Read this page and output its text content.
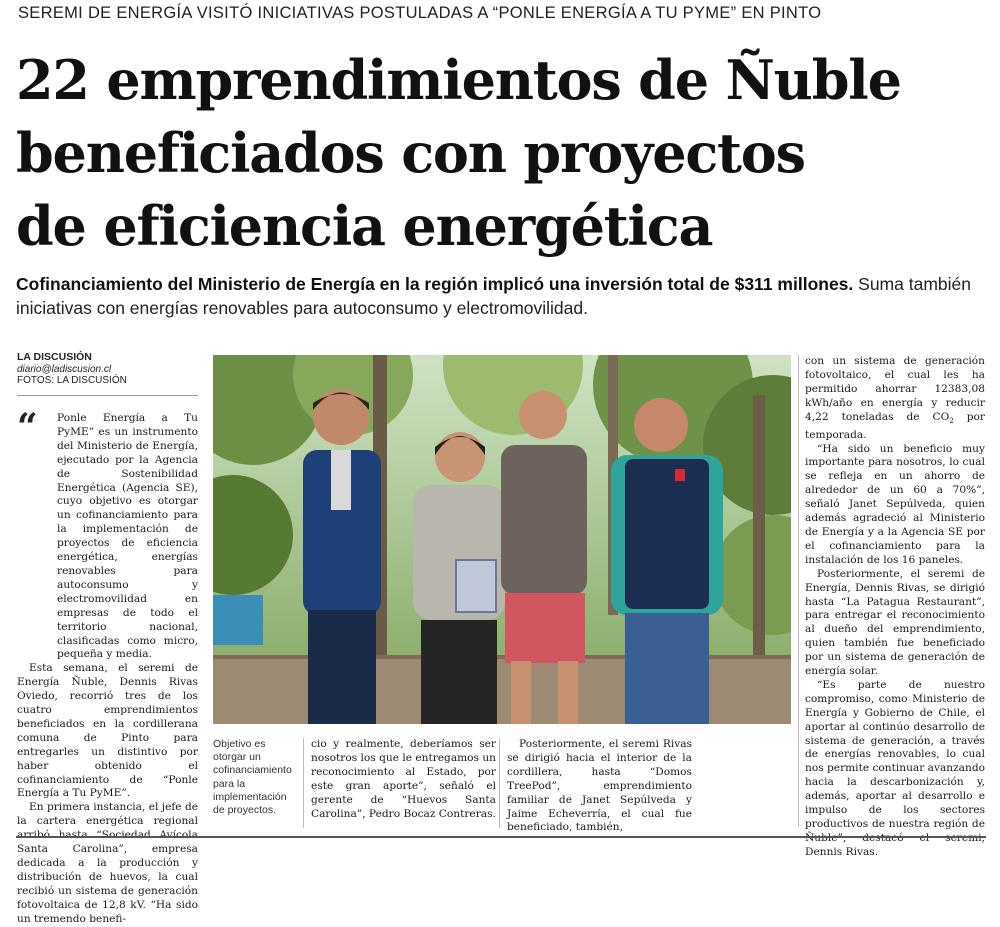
SEREMI DE ENERGÍA VISITÓ INICIATIVAS POSTULADAS A “PONLE ENERGÍA A TU PYME” EN PINTO
22 emprendimientos de Ñuble
beneficiados con proyectos
de eficiencia energética
Cofinanciamiento del Ministerio de Energía en la región implicó una inversión total de $311 millones. Suma también iniciativas con energías renovables para autoconsumo y electromovilidad.
LA DISCUSIÓN
diario@ladiscusion.cl
FOTOS: LA DISCUSIÓN
“	Ponle Energía a Tu PyME” es un instrumento del Ministerio de Energía, ejecutado por la Agencia de Sostenibilidad Energética (Agencia SE), cuyo objetivo es otorgar un cofinanciamiento para la implementación de proyectos de eficiencia energética, energías renovables para autoconsumo y electromovilidad en empresas de todo el territorio nacional, clasificadas como micro, pequeña y media.

Esta semana, el seremi de Energía Ñuble, Dennis Rivas Oviedo, recorrió tres de los cuatro emprendimientos beneficiados en la cordillerana comuna de Pinto para entregarles un distintivo por haber obtenido el cofinanciamiento de “Ponle Energía a Tu PyME”.

En primera instancia, el jefe de la cartera energética regional Santa Carolina”, empresa dedicada a la producción y distribución de huevos, la cual recibió un sistema de generación fotovoltaica de 12,8 kV. “Ha sido un tremendo benefi-

Objetivo es otorgar un cofinanciamiento para la implementación de proyectos.

cio y realmente, deberíamos ser nosotros los que le entregamos un reconocimiento al Estado, por este gran aporte”, señaló el gerente de “Huevos Santa Carolina”, Pedro Bocaz Contreras.

Posteriormente, el seremi Rivas se dirigió hacia el interior de la cordillera, hasta “Domos TreePod”, emprendimiento familiar de Janet Sepúlveda y Jaime Echeverría, el cual fue beneficiado, también,

con un sistema de generación fotovoltaico, el cual les ha permitido ahorrar 12383,08 kWh/año en energía y reducir 4,22 toneladas de $CO_2$ por temporada.

“Ha sido un beneficio muy importante para nosotros, lo cual se refleja en un ahorro de alrededor de un 60 a 70%”, señaló Janet Sepúlveda, quien además agradeció al Ministerio de Energía y a la Agencia SE por el cofinanciamiento para la instalación de los 16 paneles.

Posteriormente, el seremi de Energía, Dennis Rivas, se dirigió hasta “La Patagua Restaurant”, para entregar el reconocimiento al dueño del emprendimiento, quien también fue beneficiado por un sistema de generación de energía solar.

“Es parte de nuestro compromiso, como Ministerio de Energía y Gobierno de Chile, el aportar al continúo desarrollo de sistema de generación, a través de energías renovables, lo cual nos permite continuar avanzando hacia la descarbonización y, además, aportar al desarrollo e impulso de los sectores productivos de nuestra región de Dennis Rivas.
